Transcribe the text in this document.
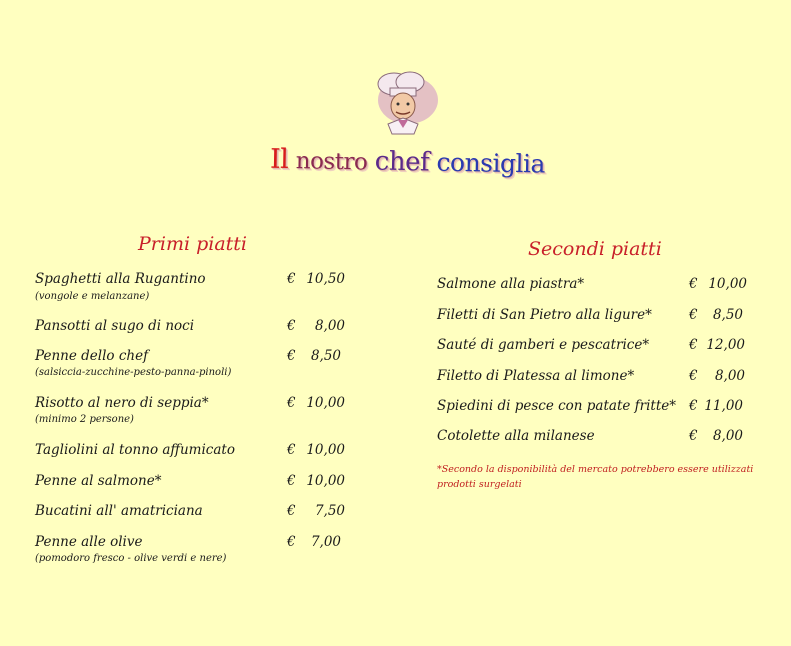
Il nostro chef consiglia
Primi piatti	Secondi piatti
Spaghetti alla Rugantino
(vongole e melanzane)
€ 10,50
Pansotti al sugo di noci	€	8,00
Penne dello chef
(salsiccia-zucchine-pesto-panna-pinoli)
€	8,50
Risotto al nero di seppia*
(minimo 2 persone)
€ 10,00
Tagliolini al tonno affumicato	€ 10,00
Penne al salmone*	€ 10,00
Bucatini all' amatriciana	€	7,50
Penne alle olive
(pomodoro fresco - olive verdi e nere)
€	7,00
Salmone alla piastra*	€ 10,00
Filetti di San Pietro alla ligure*	€	8,50
Sauté di gamberi e pescatrice*	€ 12,00
Filetto di Platessa al limone*	€	8,00
Spiedini di pesce con patate fritte* € 11,00
Cotolette alla milanese	€	8,00
*Secondo la disponibilità del mercato potrebbero essere utilizzati prodotti surgelati
